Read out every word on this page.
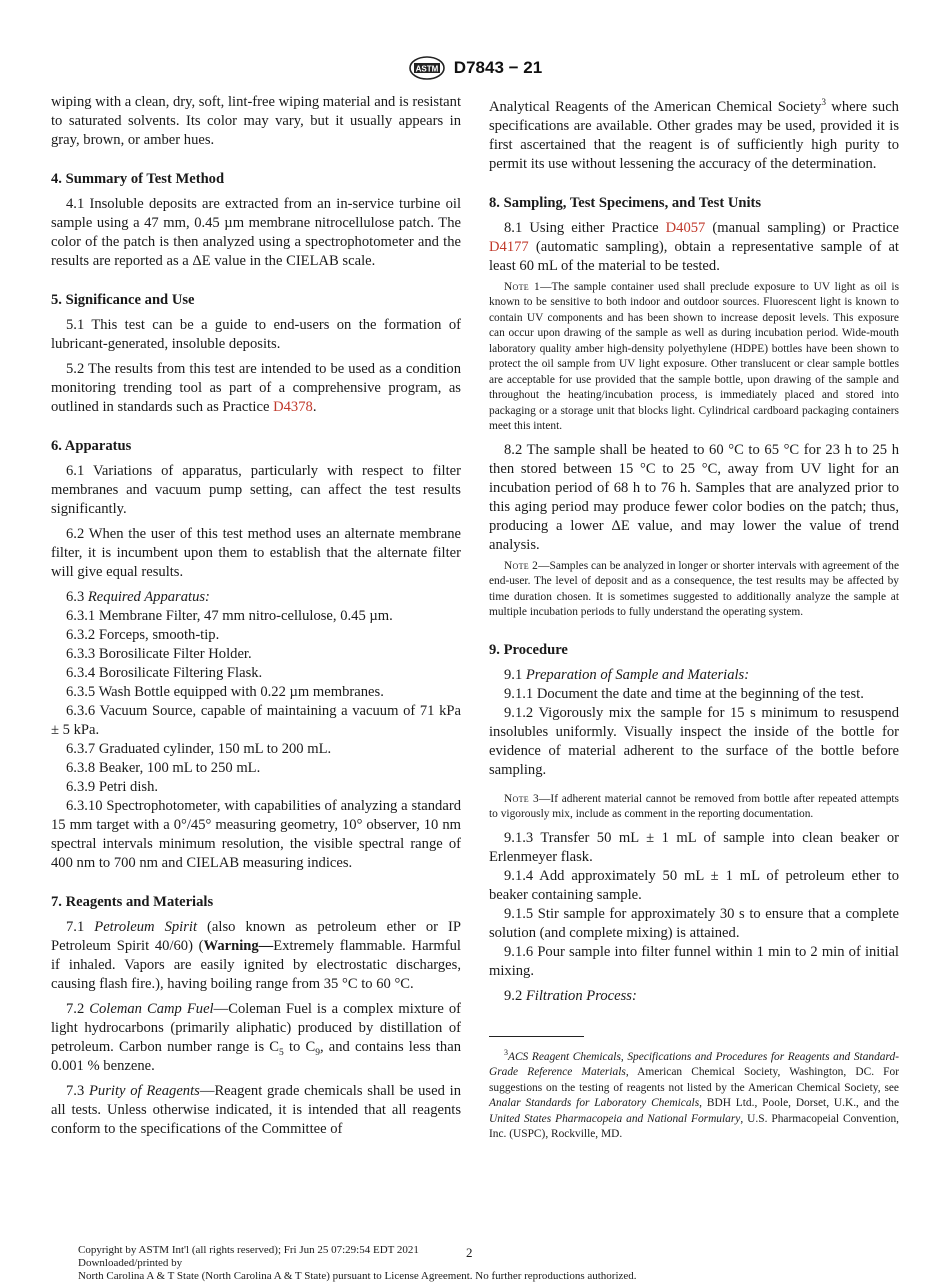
ASTM D7843 − 21

wiping with a clean, dry, soft, lint-free wiping material and is resistant to saturated solvents. Its color may vary, but it usually appears in gray, brown, or amber hues.

4. Summary of Test Method

4.1 Insoluble deposits are extracted from an in-service turbine oil sample using a 47 mm, 0.45 µm membrane nitrocellulose patch. The color of the patch is then analyzed using a spectrophotometer and the results are reported as a ΔE value in the CIELAB scale.

5. Significance and Use

5.1 This test can be a guide to end-users on the formation of lubricant-generated, insoluble deposits.

5.2 The results from this test are intended to be used as a condition monitoring trending tool as part of a comprehensive program, as outlined in standards such as Practice D4378.

6. Apparatus

6.1 Variations of apparatus, particularly with respect to filter membranes and vacuum pump setting, can affect the test results significantly.

6.2 When the user of this test method uses an alternate membrane filter, it is incumbent upon them to establish that the alternate filter will give equal results.

6.3 Required Apparatus:

6.3.1 Membrane Filter, 47 mm nitro-cellulose, 0.45 µm.

6.3.2 Forceps, smooth-tip.

6.3.3 Borosilicate Filter Holder.

6.3.4 Borosilicate Filtering Flask.

6.3.5 Wash Bottle equipped with 0.22 µm membranes.

6.3.6 Vacuum Source, capable of maintaining a vacuum of 71 kPa ± 5 kPa.

6.3.7 Graduated cylinder, 150 mL to 200 mL.

6.3.8 Beaker, 100 mL to 250 mL.

6.3.9 Petri dish.

6.3.10 Spectrophotometer, with capabilities of analyzing a standard 15 mm target with a 0°/45° measuring geometry, 10° observer, 10 nm spectral intervals minimum resolution, the visible spectral range of 400 nm to 700 nm and CIELAB measuring indices.

7. Reagents and Materials

7.1 Petroleum Spirit (also known as petroleum ether or IP Petroleum Spirit 40/60) (Warning—Extremely flammable. Harmful if inhaled. Vapors are easily ignited by electrostatic discharges, causing flash fire.), having boiling range from 35 °C to 60 °C.

7.2 Coleman Camp Fuel—Coleman Fuel is a complex mixture of light hydrocarbons (primarily aliphatic) produced by distillation of petroleum. Carbon number range is $C_5$ to $C_9$, and contains less than 0.001 % benzene.

7.3 Purity of Reagents—Reagent grade chemicals shall be used in all tests. Unless otherwise indicated, it is intended that all reagents conform to the specifications of the Committee of

Analytical Reagents of the American Chemical Society$^3$ where such specifications are available. Other grades may be used, provided it is first ascertained that the reagent is of sufficiently high purity to permit its use without lessening the accuracy of the determination.

8. Sampling, Test Specimens, and Test Units

8.1 Using either Practice D4057 (manual sampling) or Practice D4177 (automatic sampling), obtain a representative sample of at least 60 mL of the material to be tested.

Note 1—The sample container used shall preclude exposure to UV light as oil is known to be sensitive to both indoor and outdoor sources. Fluorescent light is known to contain UV components and has been shown to increase deposit levels. This exposure can occur upon drawing of the sample as well as during incubation period. Wide-mouth laboratory quality amber high-density polyethylene (HDPE) bottles have been shown to protect the oil sample from UV light exposure. Other translucent or clear sample bottles are acceptable for use provided that the sample bottle, upon drawing of the sample and throughout the heating/incubation process, is immediately placed and stored into packaging or a storage unit that blocks light. Cylindrical cardboard packaging containers meet this intent.

8.2 The sample shall be heated to 60 °C to 65 °C for 23 h to 25 h then stored between 15 °C to 25 °C, away from UV light for an incubation period of 68 h to 76 h. Samples that are analyzed prior to this aging period may produce fewer color bodies on the patch; thus, producing a lower ΔE value, and may lower the value of trend analysis.

Note 2—Samples can be analyzed in longer or shorter intervals with agreement of the end-user. The level of deposit and as a consequence, the test results may be affected by time duration chosen. It is sometimes suggested to additionally analyze the sample at multiple incubation periods to fully understand the operating system.

9. Procedure

9.1 Preparation of Sample and Materials:

9.1.1 Document the date and time at the beginning of the test.

9.1.2 Vigorously mix the sample for 15 s minimum to resuspend insolubles uniformly. Visually inspect the inside of the bottle for evidence of material adherent to the surface of the bottle before sampling.

Note 3—If adherent material cannot be removed from bottle after repeated attempts to vigorously mix, include as comment in the reporting documentation.

9.1.3 Transfer 50 mL ± 1 mL of sample into clean beaker or Erlenmeyer flask.

9.1.4 Add approximately 50 mL ± 1 mL of petroleum ether to beaker containing sample.

9.1.5 Stir sample for approximately 30 s to ensure that a complete solution (and complete mixing) is attained.

9.1.6 Pour sample into filter funnel within 1 min to 2 min of initial mixing.

9.2 Filtration Process:

$^3$ACS Reagent Chemicals, Specifications and Procedures for Reagents and Standard-Grade Reference Materials, American Chemical Society, Washington, DC. For suggestions on the testing of reagents not listed by the American Chemical Society, see Analar Standards for Laboratory Chemicals, BDH Ltd., Poole, Dorset, U.K., and the United States Pharmacopeia and National Formulary, U.S. Pharmacopeial Convention, Inc. (USPC), Rockville, MD.

2
Copyright by ASTM Int'l (all rights reserved); Fri Jun 25 07:29:54 EDT 2021
Downloaded/printed by
North Carolina A & T State (North Carolina A & T State) pursuant to License Agreement. No further reproductions authorized.
